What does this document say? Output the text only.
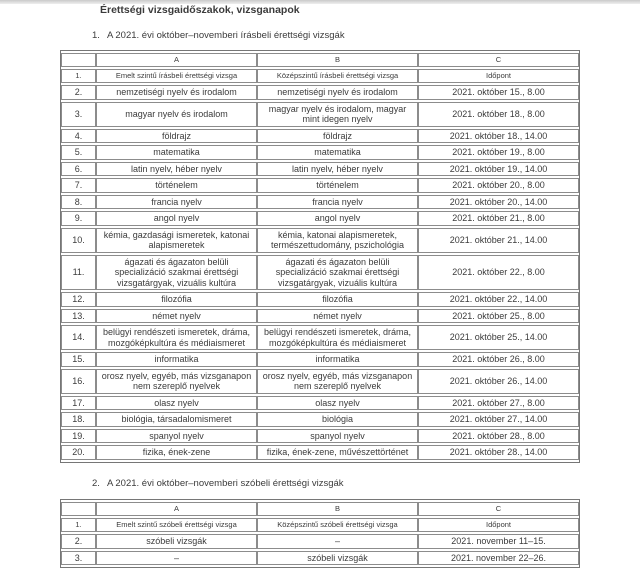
Érettségi vizsgaidőszakok, vizsganapok
1. A 2021. évi október–novemberi írásbeli érettségi vizsgák
	A	B	C
1.	Emelt szintű írásbeli érettségi vizsga	Középszintű írásbeli érettségi vizsga	Időpont
2.	nemzetiségi nyelv és irodalom	nemzetiségi nyelv és irodalom	2021. október 15., 8.00
3.	magyar nyelv és irodalom	magyar nyelv és irodalom, magyar mint idegen nyelv	2021. október 18., 8.00
4.	földrajz	földrajz	2021. október 18., 14.00
5.	matematika	matematika	2021. október 19., 8.00
6.	latin nyelv, héber nyelv	latin nyelv, héber nyelv	2021. október 19., 14.00
7.	történelem	történelem	2021. október 20., 8.00
8.	francia nyelv	francia nyelv	2021. október 20., 14.00
9.	angol nyelv	angol nyelv	2021. október 21., 8.00
10.	kémia, gazdasági ismeretek, katonai alapismeretek	kémia, katonai alapismeretek, természettudomány, pszichológia	2021. október 21., 14.00
11.	ágazati és ágazaton belüli specializáció szakmai érettségi vizsgatárgyak, vizuális kultúra	ágazati és ágazaton belüli specializáció szakmai érettségi vizsgatárgyak, vizuális kultúra	2021. október 22., 8.00
12.	filozófia	filozófia	2021. október 22., 14.00
13.	német nyelv	német nyelv	2021. október 25., 8.00
14.	belügyi rendészeti ismeretek, dráma, mozgóképkultúra és médiaismeret	belügyi rendészeti ismeretek, dráma, mozgóképkultúra és médiaismeret	2021. október 25., 14.00
15.	informatika	informatika	2021. október 26., 8.00
16.	orosz nyelv, egyéb, más vizsganapon nem szereplő nyelvek	orosz nyelv, egyéb, más vizsganapon nem szereplő nyelvek	2021. október 26., 14.00
17.	olasz nyelv	olasz nyelv	2021. október 27., 8.00
18.	biológia, társadalomismeret	biológia	2021. október 27., 14.00
19.	spanyol nyelv	spanyol nyelv	2021. október 28., 8.00
20.	fizika, ének-zene	fizika, ének-zene, művészettörténet	2021. október 28., 14.00
2. A 2021. évi október–novemberi szóbeli érettségi vizsgák
	A	B	C
1.	Emelt szintű szóbeli érettségi vizsga	Középszintű szóbeli érettségi vizsga	Időpont
2.	szóbeli vizsgák	–	2021. november 11–15.
3.	–	szóbeli vizsgák	2021. november 22–26.
